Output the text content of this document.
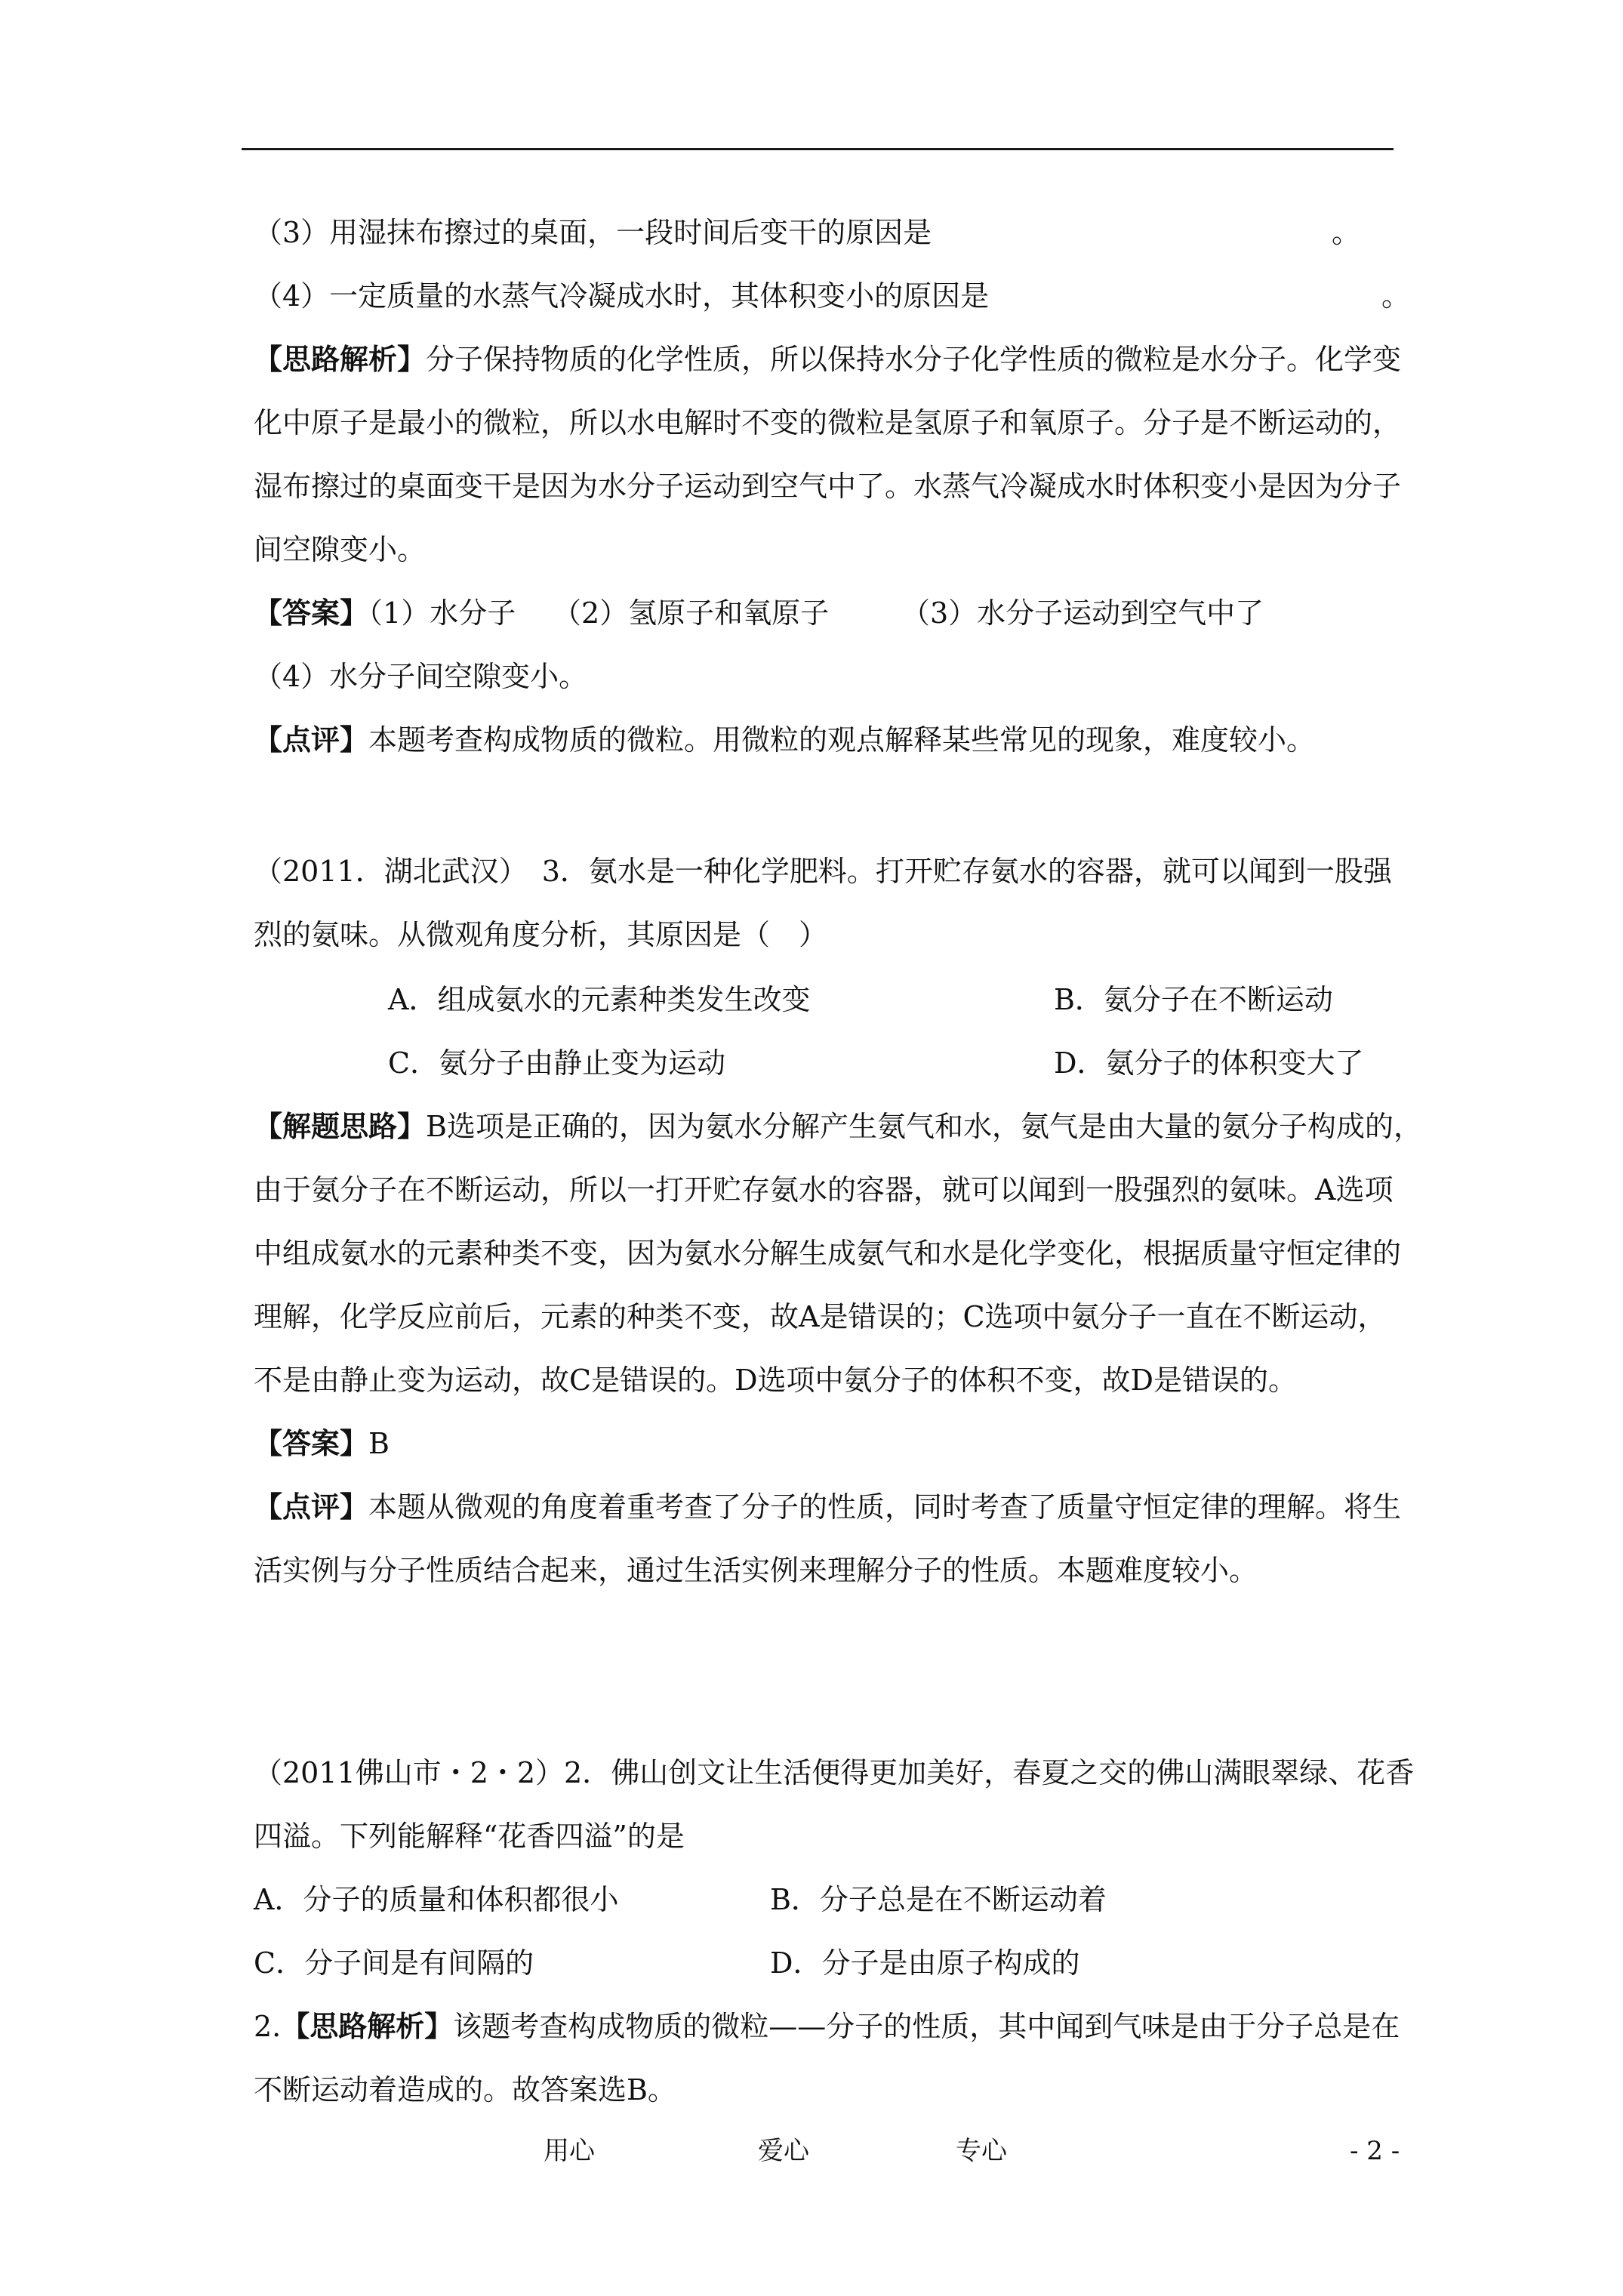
（3）用湿抹布擦过的桌面，一段时间后变干的原因是	。
（4）一定质量的水蒸气冷凝成水时，其体积变小的原因是	。
【思路解析】分子保持物质的化学性质，所以保持水分子化学性质的微粒是水分子。化学变
化中原子是最小的微粒，所以水电解时不变的微粒是氢原子和氧原子。分子是不断运动的，
湿布擦过的桌面变干是因为水分子运动到空气中了。水蒸气冷凝成水时体积变小是因为分子
间空隙变小。
【答案】（1）水分子 （2）氢原子和氧原子	（3）水分子运动到空气中了
（4）水分子间空隙变小。
【点评】本题考查构成物质的微粒。用微粒的观点解释某些常见的现象，难度较小。
（2011．湖北武汉）　3．氨水是一种化学肥料。打开贮存氨水的容器，就可以闻到一股强
烈的氨味。从微观角度分析，其原因是（　）
A．组成氨水的元素种类发生改变	B．氨分子在不断运动
C．氨分子由静止变为运动	D．氨分子的体积变大了
【解题思路】B选项是正确的，因为氨水分解产生氨气和水，氨气是由大量的氨分子构成的，
由于氨分子在不断运动，所以一打开贮存氨水的容器，就可以闻到一股强烈的氨味。A选项
中组成氨水的元素种类不变，因为氨水分解生成氨气和水是化学变化，根据质量守恒定律的
理解，化学反应前后，元素的种类不变，故A是错误的；C选项中氨分子一直在不断运动，
不是由静止变为运动，故C是错误的。D选项中氨分子的体积不变，故D是错误的。
【答案】B
【点评】本题从微观的角度着重考查了分子的性质，同时考查了质量守恒定律的理解。将生
活实例与分子性质结合起来，通过生活实例来理解分子的性质。本题难度较小。
（2011佛山市・2・2）2．佛山创文让生活便得更加美好，春夏之交的佛山满眼翠绿、花香
四溢。下列能解释“花香四溢”的是
A．分子的质量和体积都很小	B．分子总是在不断运动着
C．分子间是有间隔的	D．分子是由原子构成的
2.【思路解析】该题考查构成物质的微粒——分子的性质，其中闻到气味是由于分子总是在
不断运动着造成的。故答案选B。
用心	爱心	专心	- 2 -
